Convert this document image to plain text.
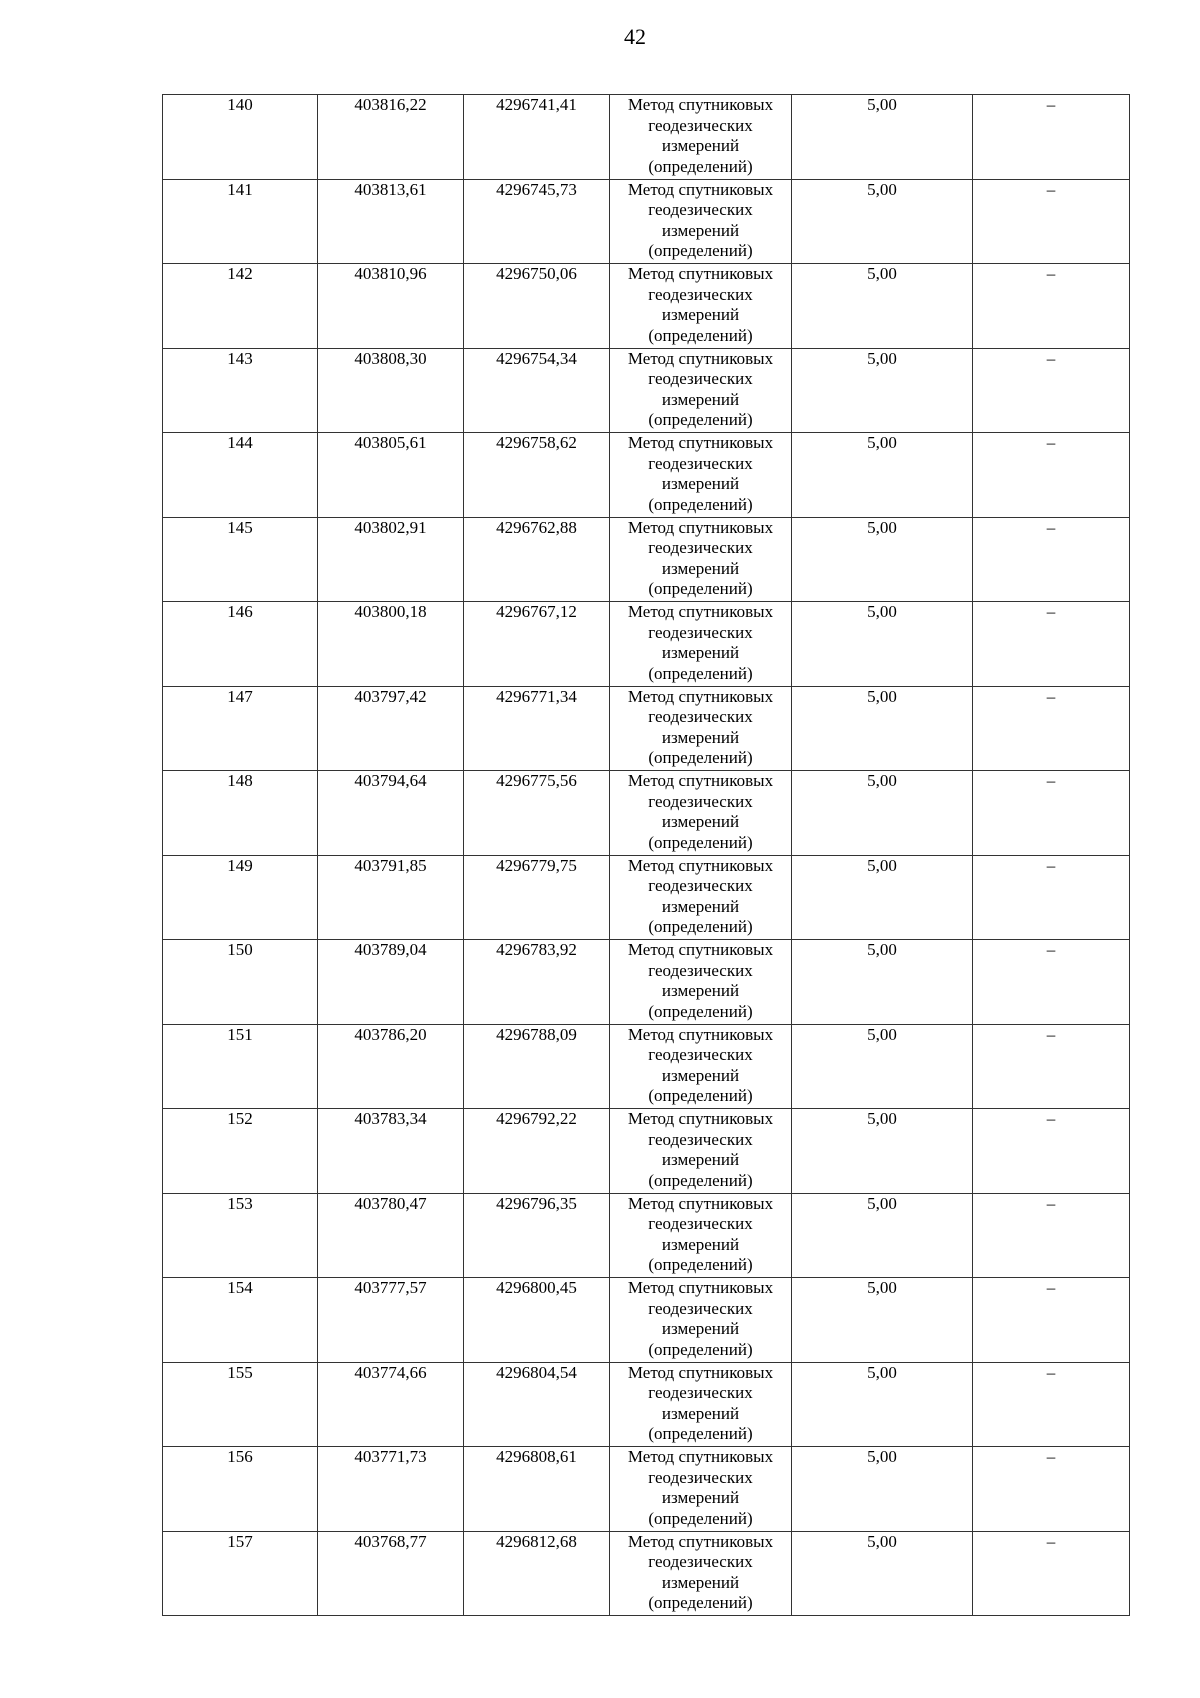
42
140	403816,22	4296741,41	Метод спутниковых
геодезических
измерений
(определений)	5,00	–
141	403813,61	4296745,73	Метод спутниковых
геодезических
измерений
(определений)	5,00	–
142	403810,96	4296750,06	Метод спутниковых
геодезических
измерений
(определений)	5,00	–
143	403808,30	4296754,34	Метод спутниковых
геодезических
измерений
(определений)	5,00	–
144	403805,61	4296758,62	Метод спутниковых
геодезических
измерений
(определений)	5,00	–
145	403802,91	4296762,88	Метод спутниковых
геодезических
измерений
(определений)	5,00	–
146	403800,18	4296767,12	Метод спутниковых
геодезических
измерений
(определений)	5,00	–
147	403797,42	4296771,34	Метод спутниковых
геодезических
измерений
(определений)	5,00	–
148	403794,64	4296775,56	Метод спутниковых
геодезических
измерений
(определений)	5,00	–
149	403791,85	4296779,75	Метод спутниковых
геодезических
измерений
(определений)	5,00	–
150	403789,04	4296783,92	Метод спутниковых
геодезических
измерений
(определений)	5,00	–
151	403786,20	4296788,09	Метод спутниковых
геодезических
измерений
(определений)	5,00	–
152	403783,34	4296792,22	Метод спутниковых
геодезических
измерений
(определений)	5,00	–
153	403780,47	4296796,35	Метод спутниковых
геодезических
измерений
(определений)	5,00	–
154	403777,57	4296800,45	Метод спутниковых
геодезических
измерений
(определений)	5,00	–
155	403774,66	4296804,54	Метод спутниковых
геодезических
измерений
(определений)	5,00	–
156	403771,73	4296808,61	Метод спутниковых
геодезических
измерений
(определений)	5,00	–
157	403768,77	4296812,68	Метод спутниковых
геодезических
измерений
(определений)	5,00	–
